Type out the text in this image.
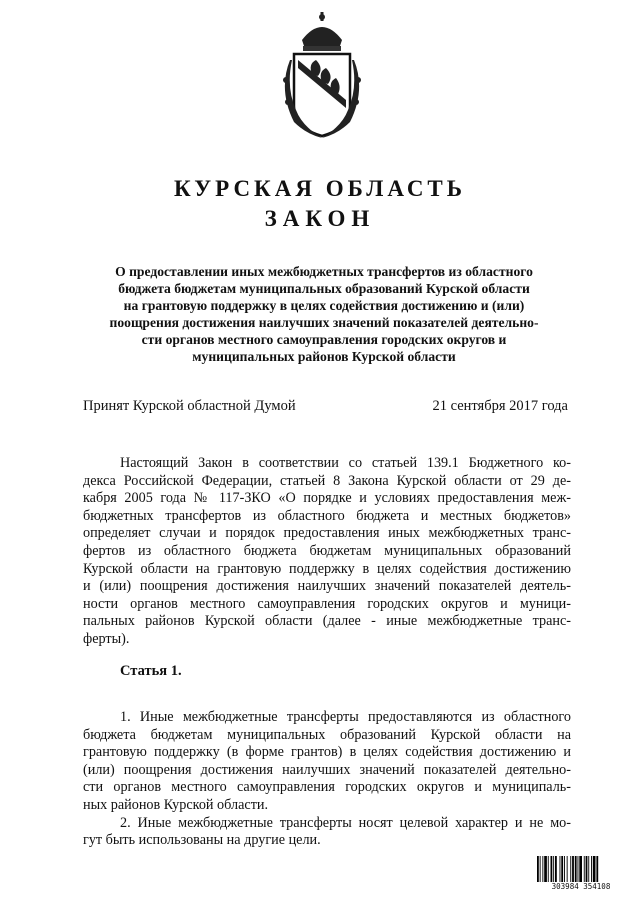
КУРСКАЯ ОБЛАСТЬ
ЗАКОН
О предоставлении иных межбюджетных трансфертов из областного
бюджета бюджетам муниципальных образований Курской области
на грантовую поддержку в целях содействия достижению и (или)
поощрения достижения наилучших значений показателей деятельно-
сти органов местного самоуправления городских округов и
муниципальных районов Курской области
Принят Курской областной Думой	21 сентября 2017 года
Настоящий Закон в соответствии со статьей 139.1 Бюджетного ко-
декса Российской Федерации, статьей 8 Закона Курской области от 29 де-
кабря 2005 года № 117-ЗКО «О порядке и условиях предоставления меж-
бюджетных трансфертов из областного бюджета и местных бюджетов»
определяет случаи и порядок предоставления иных межбюджетных транс-
фертов из областного бюджета бюджетам муниципальных образований
Курской области на грантовую поддержку в целях содействия достижению
и (или) поощрения достижения наилучших значений показателей деятель-
ности органов местного самоуправления городских округов и муници-
пальных районов Курской области (далее - иные межбюджетные транс-
ферты).
Статья 1.
1. Иные межбюджетные трансферты предоставляются из областного
бюджета бюджетам муниципальных образований Курской области на
грантовую поддержку (в форме грантов) в целях содействия достижению и
(или) поощрения достижения наилучших значений показателей деятельно-
сти органов местного самоуправления городских округов и муниципаль-
ных районов Курской области.
2. Иные межбюджетные трансферты носят целевой характер и не мо-
гут быть использованы на другие цели.
303984 354108
